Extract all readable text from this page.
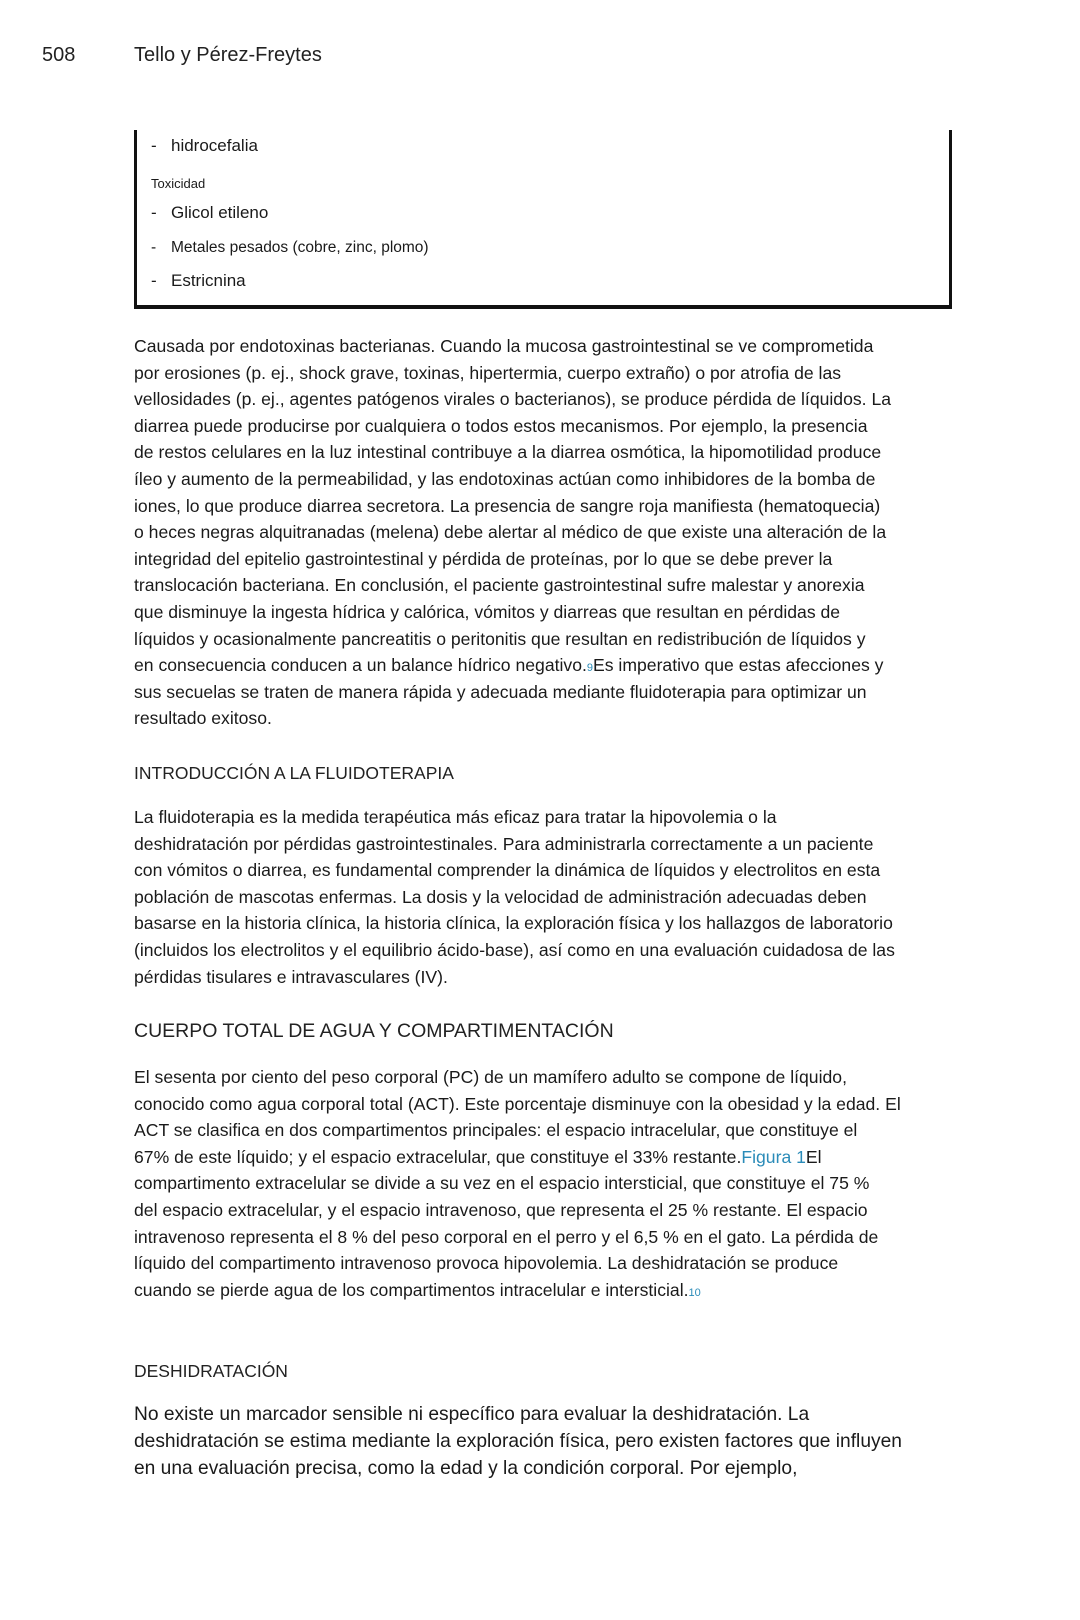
508	Tello y Pérez-Freytes
- hidrocefalia
Toxicidad
- Glicol etileno
- Metales pesados (cobre, zinc, plomo)
- Estricnina
Causada por endotoxinas bacterianas. Cuando la mucosa gastrointestinal se ve comprometida
por erosiones (p. ej., shock grave, toxinas, hipertermia, cuerpo extraño) o por atrofia de las
vellosidades (p. ej., agentes patógenos virales o bacterianos), se produce pérdida de líquidos. La
diarrea puede producirse por cualquiera o todos estos mecanismos. Por ejemplo, la presencia
de restos celulares en la luz intestinal contribuye a la diarrea osmótica, la hipomotilidad produce
íleo y aumento de la permeabilidad, y las endotoxinas actúan como inhibidores de la bomba de
iones, lo que produce diarrea secretora. La presencia de sangre roja manifiesta (hematoquecia)
o heces negras alquitranadas (melena) debe alertar al médico de que existe una alteración de la
integridad del epitelio gastrointestinal y pérdida de proteínas, por lo que se debe prever la
translocación bacteriana. En conclusión, el paciente gastrointestinal sufre malestar y anorexia
que disminuye la ingesta hídrica y calórica, vómitos y diarreas que resultan en pérdidas de
líquidos y ocasionalmente pancreatitis o peritonitis que resultan en redistribución de líquidos y
en consecuencia conducen a un balance hídrico negativo.9Es imperativo que estas afecciones y
sus secuelas se traten de manera rápida y adecuada mediante fluidoterapia para optimizar un
resultado exitoso.
INTRODUCCIÓN A LA FLUIDOTERAPIA
La fluidoterapia es la medida terapéutica más eficaz para tratar la hipovolemia o la
deshidratación por pérdidas gastrointestinales. Para administrarla correctamente a un paciente
con vómitos o diarrea, es fundamental comprender la dinámica de líquidos y electrolitos en esta
población de mascotas enfermas. La dosis y la velocidad de administración adecuadas deben
basarse en la historia clínica, la historia clínica, la exploración física y los hallazgos de laboratorio
(incluidos los electrolitos y el equilibrio ácido-base), así como en una evaluación cuidadosa de las
pérdidas tisulares e intravasculares (IV).
CUERPO TOTAL DE AGUA Y COMPARTIMENTACIÓN
El sesenta por ciento del peso corporal (PC) de un mamífero adulto se compone de líquido,
conocido como agua corporal total (ACT). Este porcentaje disminuye con la obesidad y la edad. El
ACT se clasifica en dos compartimentos principales: el espacio intracelular, que constituye el
67% de este líquido; y el espacio extracelular, que constituye el 33% restante.Figura 1El
compartimento extracelular se divide a su vez en el espacio intersticial, que constituye el 75 %
del espacio extracelular, y el espacio intravenoso, que representa el 25 % restante. El espacio
intravenoso representa el 8 % del peso corporal en el perro y el 6,5 % en el gato. La pérdida de
líquido del compartimento intravenoso provoca hipovolemia. La deshidratación se produce
cuando se pierde agua de los compartimentos intracelular e intersticial.10
DESHIDRATACIÓN
No existe un marcador sensible ni específico para evaluar la deshidratación. La
deshidratación se estima mediante la exploración física, pero existen factores que influyen
en una evaluación precisa, como la edad y la condición corporal. Por ejemplo,
